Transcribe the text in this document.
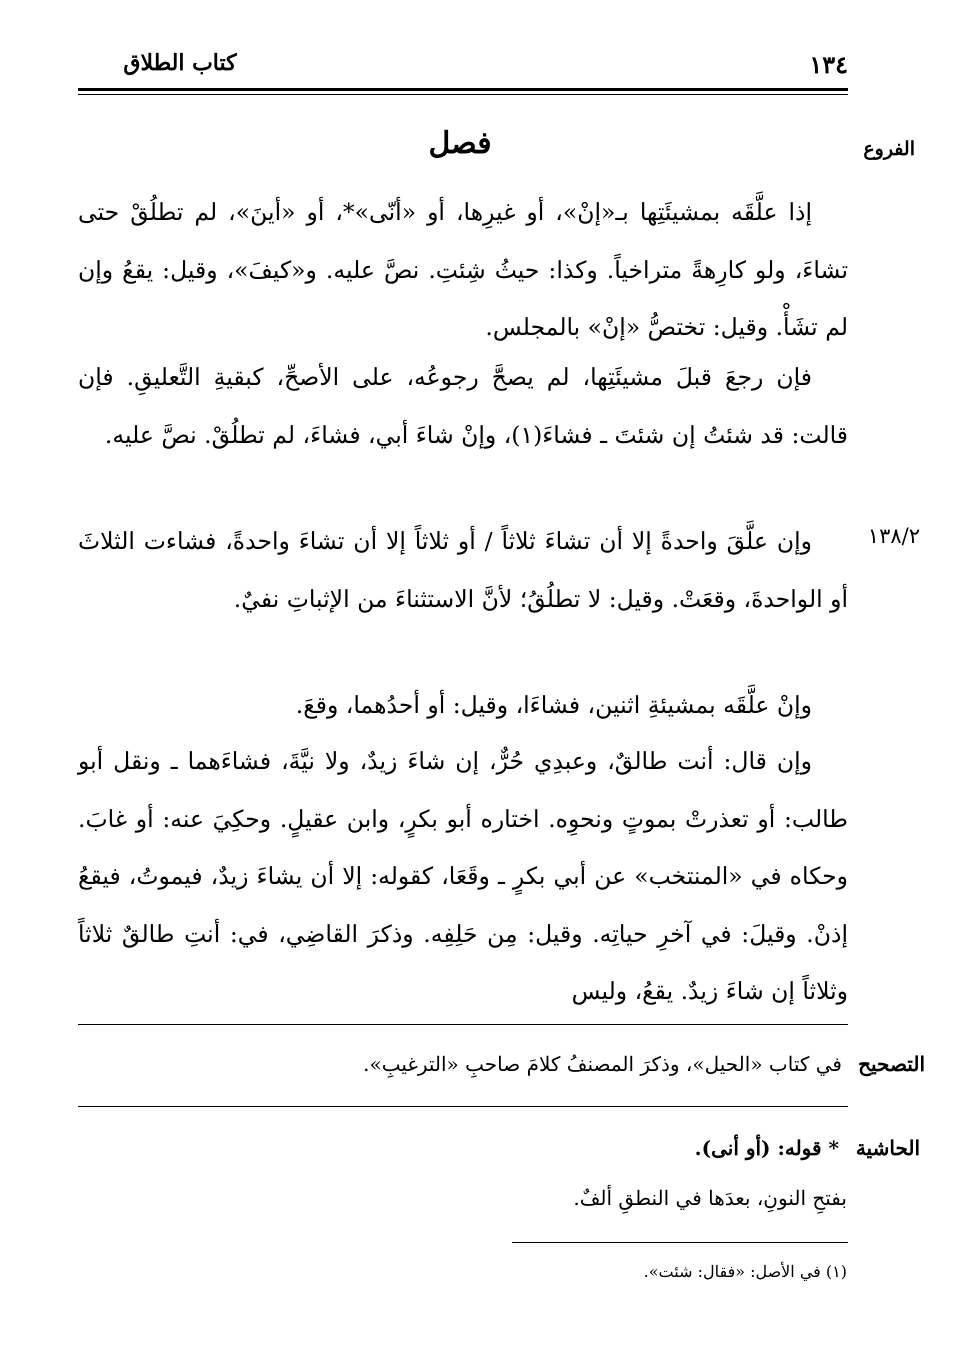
كتاب الطلاق	١٣٤
الفروع
فصل
إذا علَّقَه بمشيئَتِها بـ«إنْ»، أو غيرِها، أو «أنّى»*، أو «أينَ»، لم تطلُقْ حتى تشاءَ، ولو كارِهةً متراخياً. وكذا: حيثُ شِئتِ. نصَّ عليه. و«كيفَ»، وقيل: يقعُ وإن لم تشَأْ. وقيل: تختصُّ «إنْ» بالمجلس.
فإن رجعَ قبلَ مشيئَتِها، لم يصحَّ رجوعُه، على الأصحِّ، كبقيةِ التَّعليقِ. فإن قالت: قد شئتُ إن شئتَ ـ فشاءَ(١)، وإنْ شاءَ أبي، فشاءَ، لم تطلُقْ. نصَّ عليه.
١٣٨/٢
وإن علَّقَ واحدةً إلا أن تشاءَ ثلاثاً / أو ثلاثاً إلا أن تشاءَ واحدةً، فشاءت الثلاثَ أو الواحدةَ، وقعَتْ. وقيل: لا تطلُقُ؛ لأنَّ الاستثناءَ من الإثباتِ نفيٌ.
وإنْ علَّقَه بمشيئةِ اثنين، فشاءَا، وقيل: أو أحدُهما، وقعَ.
وإن قال: أنت طالقٌ، وعبدِي حُرٌّ، إن شاءَ زيدٌ، ولا نيَّةَ، فشاءَهما ـ ونقل أبو طالب: أو تعذرتْ بموتٍ ونحوِه. اختاره أبو بكرٍ، وابن عقيلٍ. وحكِيَ عنه: أو غابَ. وحكاه في «المنتخب» عن أبي بكرٍ ـ وقَعَا، كقوله: إلا أن يشاءَ زيدٌ، فيموتُ، فيقعُ إذنْ. وقيلَ: في آخرِ حياتِه. وقيل: مِن حَلِفِه. وذكرَ القاضِي، في: أنتِ طالقٌ ثلاثاً وثلاثاً إن شاءَ زيدٌ. يقعُ، وليس
التصحيح
في كتاب «الحيل»، وذكرَ المصنفُ كلامَ صاحبِ «الترغيبِ».
الحاشية
* قوله: (أو أنى).
بفتحِ النونِ، بعدَها في النطقِ ألفٌ.
(١) في الأصل: «فقال: شئت».
